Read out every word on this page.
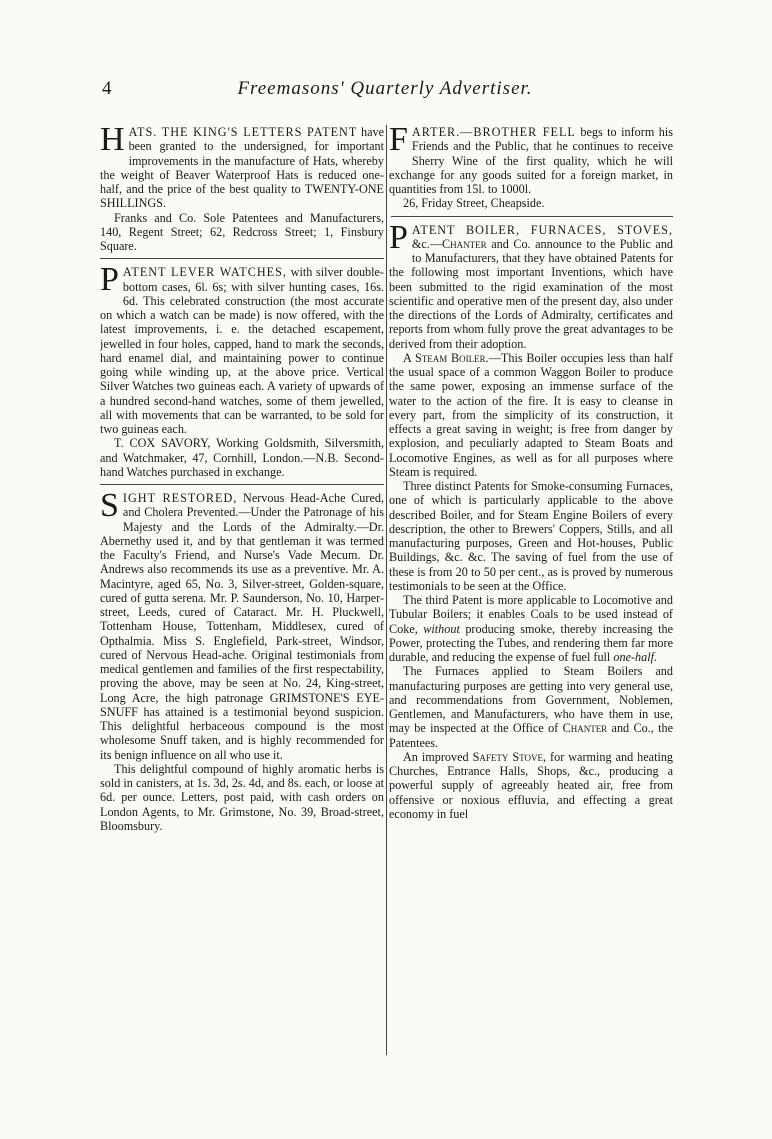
4	Freemasons' Quarterly Advertiser.

H ATS. THE KING'S LETTERS PATENT have been granted to the undersigned, for important improvements in the manufacture of Hats, whereby the weight of Beaver Waterproof Hats is reduced one-half, and the price of the best quality to TWENTY-ONE SHILLINGS.

Franks and Co. Sole Patentees and Manufacturers, 140, Regent Street; 62, Redcross Street; 1, Finsbury Square.

P ATENT LEVER WATCHES, with silver double-bottom cases, 6l. 6s; with silver hunting cases, 16s. 6d. This celebrated construction (the most accurate on which a watch can be made) is now offered, with the latest improvements, i. e. the detached escapement, jewelled in four holes, capped, hand to mark the seconds, hard enamel dial, and maintaining power to continue going while winding up, at the above price. Vertical Silver Watches two guineas each. A variety of upwards of a hundred second-hand watches, some of them jewelled, all with movements that can be warranted, to be sold for two guineas each.

T. COX SAVORY, Working Goldsmith, Silversmith, and Watchmaker, 47, Cornhill, London.—N.B. Second-hand Watches purchased in exchange.

S IGHT RESTORED, Nervous Head-Ache Cured, and Cholera Prevented.—Under the Patronage of his Majesty and the Lords of the Admiralty.—Dr. Abernethy used it, and by that gentleman it was termed the Faculty's Friend, and Nurse's Vade Mecum. Dr. Andrews also recommends its use as a preventive. Mr. A. Macintyre, aged 65, No. 3, Silver-street, Golden-square, cured of gutta serena. Mr. P. Saunderson, No. 10, Harper-street, Leeds, cured of Cataract. Mr. H. Pluckwell, Tottenham House, Tottenham, Middlesex, cured of Opthalmia. Miss S. Englefield, Park-street, Windsor, cured of Nervous Head-ache. Original testimonials from medical gentlemen and families of the first respectability, proving the above, may be seen at No. 24, King-street, Long Acre, the high patronage GRIMSTONE'S EYE-SNUFF has attained is a testimonial beyond suspicion. This delightful herbaceous compound is the most wholesome Snuff taken, and is highly recommended for its benign influence on all who use it.

This delightful compound of highly aromatic herbs is sold in canisters, at 1s. 3d, 2s. 4d, and 8s. each, or loose at 6d. per ounce. Letters, post paid, with cash orders on London Agents, to Mr. Grimstone, No. 39, Broad-street, Bloomsbury.

F ARTER.—BROTHER FELL begs to inform his Friends and the Public, that he continues to receive Sherry Wine of the first quality, which he will exchange for any goods suited for a foreign market, in quantities from 15l. to 1000l.

26, Friday Street, Cheapside.

P ATENT BOILER, FURNACES, STOVES, &c.—Chanter and Co. announce to the Public and to Manufacturers, that they have obtained Patents for the following most important Inventions, which have been submitted to the rigid examination of the most scientific and operative men of the present day, also under the directions of the Lords of Admiralty, certificates and reports from whom fully prove the great advantages to be derived from their adoption.

A Steam Boiler.—This Boiler occupies less than half the usual space of a common Waggon Boiler to produce the same power, exposing an immense surface of the water to the action of the fire. It is easy to cleanse in every part, from the simplicity of its construction, it effects a great saving in weight; is free from danger by explosion, and peculiarly adapted to Steam Boats and Locomotive Engines, as well as for all purposes where Steam is required.

Three distinct Patents for Smoke-consuming Furnaces, one of which is particularly applicable to the above described Boiler, and for Steam Engine Boilers of every description, the other to Brewers' Coppers, Stills, and all manufacturing purposes, Green and Hot-houses, Public Buildings, &c. &c. The saving of fuel from the use of these is from 20 to 50 per cent., as is proved by numerous testimonials to be seen at the Office.

The third Patent is more applicable to Locomotive and Tubular Boilers; it enables Coals to be used instead of Coke, without producing smoke, thereby increasing the Power, protecting the Tubes, and rendering them far more durable, and reducing the expense of fuel full one-half.

The Furnaces applied to Steam Boilers and manufacturing purposes are getting into very general use, and recommendations from Government, Noblemen, Gentlemen, and Manufacturers, who have them in use, may be inspected at the Office of Chanter and Co., the Patentees.

An improved Safety Stove, for warming and heating Churches, Entrance Halls, Shops, &c., producing a powerful supply of agreeably heated air, free from offensive or noxious effluvia, and effecting a great economy in fuel
